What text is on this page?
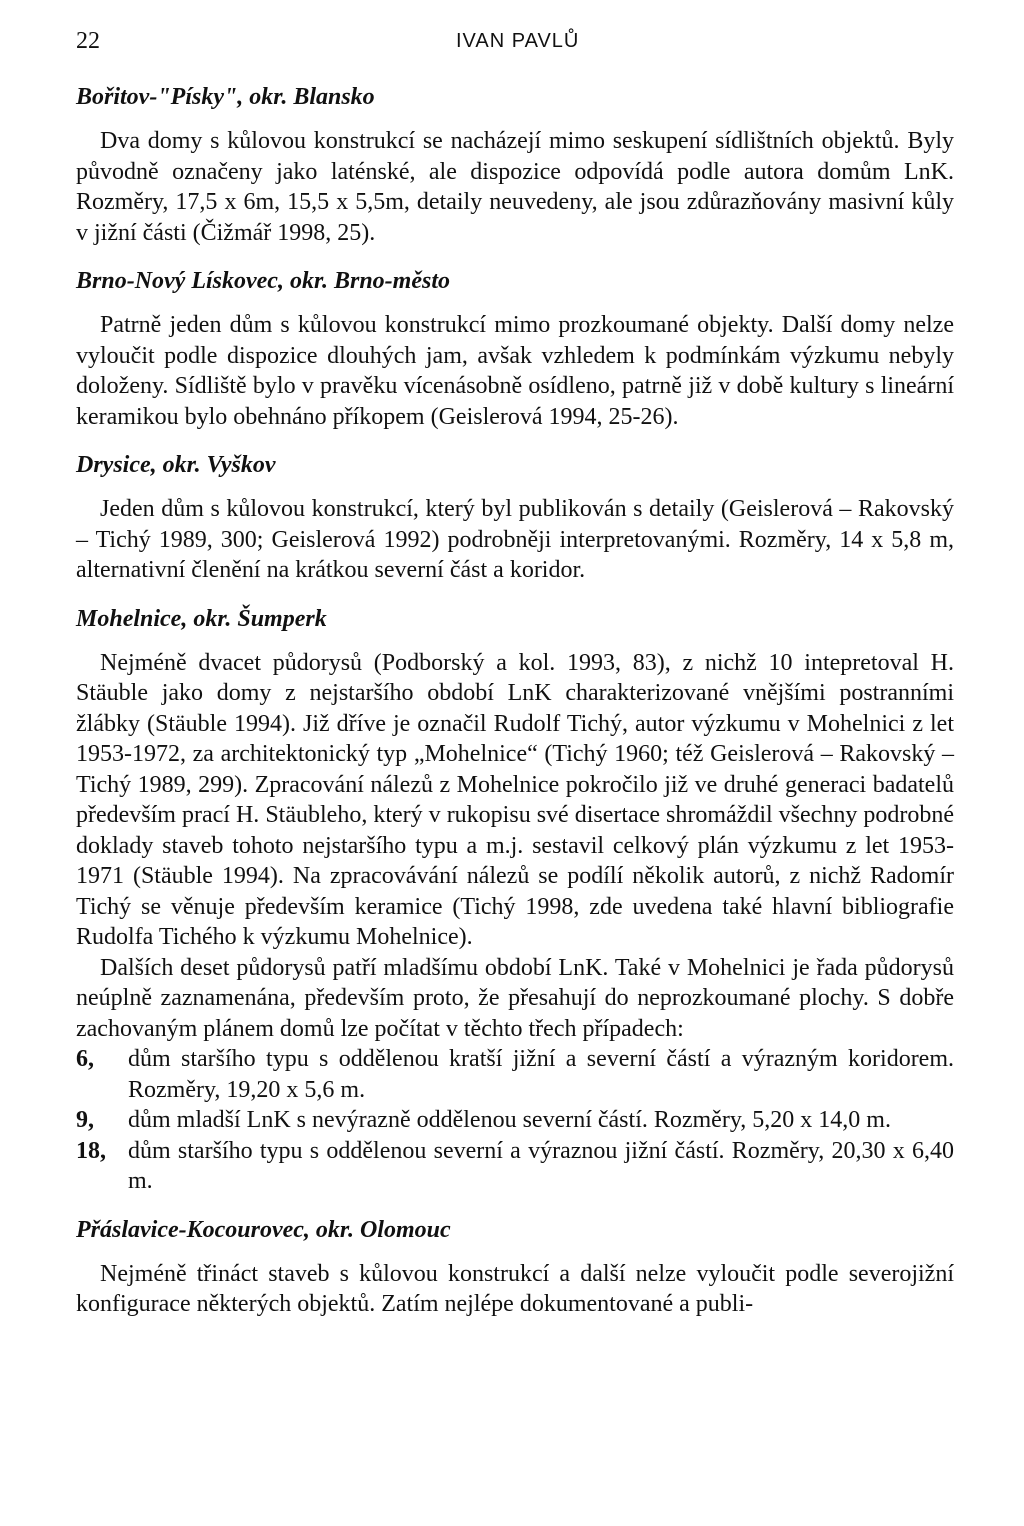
22	IVAN PAVLŮ
Bořitov-"Písky", okr. Blansko

Dva domy s kůlovou konstrukcí se nacházejí mimo seskupení sídlištních objektů. Byly původně označeny jako laténské, ale dispozice odpovídá podle autora domům LnK. Rozměry, 17,5 x 6m, 15,5 x 5,5m, detaily neuvedeny, ale jsou zdůrazňovány masivní kůly v jižní části (Čižmář 1998, 25).

Brno-Nový Lískovec, okr. Brno-město

Patrně jeden dům s kůlovou konstrukcí mimo prozkoumané objekty. Další domy nelze vyloučit podle dispozice dlouhých jam, avšak vzhledem k podmínkám výzkumu nebyly doloženy. Sídliště bylo v pravěku vícenásobně osídleno, patrně již v době kultury s lineární keramikou bylo obehnáno příkopem (Geislerová 1994, 25-26).

Drysice, okr. Vyškov

Jeden dům s kůlovou konstrukcí, který byl publikován s detaily (Geislerová – Rakovský – Tichý 1989, 300; Geislerová 1992) podrobněji interpretovanými. Rozměry, 14 x 5,8 m, alternativní členění na krátkou severní část a koridor.

Mohelnice, okr. Šumperk

Nejméně dvacet půdorysů (Podborský a kol. 1993, 83), z nichž 10 intepretoval H. Stäuble jako domy z nejstaršího období LnK charakterizované vnějšími postranními žlábky (Stäuble 1994). Již dříve je označil Rudolf Tichý, autor výzkumu v Mohelnici z let 1953-1972, za architektonický typ „Mohelnice“ (Tichý 1960; též Geislerová – Rakovský – Tichý 1989, 299). Zpracování nálezů z Mohelnice pokročilo již ve druhé generaci badatelů především prací H. Stäubleho, který v rukopisu své disertace shromáždil všechny podrobné doklady staveb tohoto nejstaršího typu a m.j. sestavil celkový plán výzkumu z let 1953-1971 (Stäuble 1994). Na zpracovávání nálezů se podílí několik autorů, z nichž Radomír Tichý se věnuje především keramice (Tichý 1998, zde uvedena také hlavní bibliografie Rudolfa Tichého k výzkumu Mohelnice).

Dalších deset půdorysů patří mladšímu období LnK. Také v Mohelnici je řada půdorysů neúplně zaznamenána, především proto, že přesahují do neprozkoumané plochy. S dobře zachovaným plánem domů lze počítat v těchto třech případech:

6, dům staršího typu s oddělenou kratší jižní a severní částí a výrazným koridorem. Rozměry, 19,20 x 5,6 m.
9, dům mladší LnK s nevýrazně oddělenou severní částí. Rozměry, 5,20 x 14,0 m.
18, dům staršího typu s oddělenou severní a výraznou jižní částí. Rozměry, 20,30 x 6,40 m.
Přáslavice-Kocourovec, okr. Olomouc

Nejméně třináct staveb s kůlovou konstrukcí a další nelze vyloučit podle severojižní konfigurace některých objektů. Zatím nejlépe dokumentované a publi-
